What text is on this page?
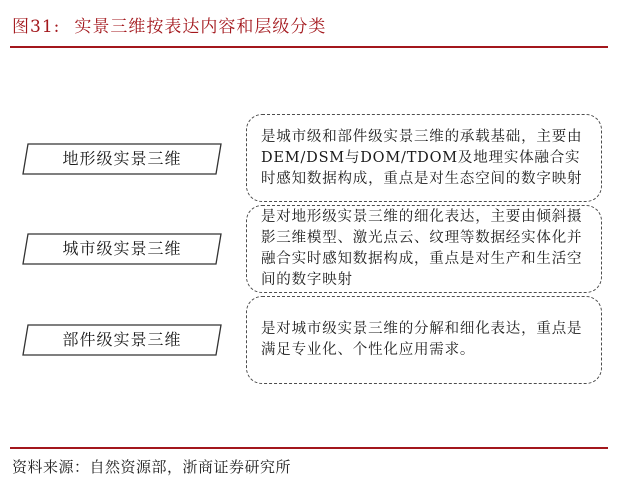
图31: 实景三维按表达内容和层级分类
地形级实景三维
城市级实景三维
部件级实景三维
是城市级和部件级实景三维的承载基础，主要由DEM/DSM与DOM/TDOM及地理实体融合实时感知数据构成，重点是对生态空间的数字映射
是对地形级实景三维的细化表达，主要由倾斜摄影三维模型、激光点云、纹理等数据经实体化并融合实时感知数据构成，重点是对生产和生活空间的数字映射
是对城市级实景三维的分解和细化表达，重点是满足专业化、个性化应用需求。
资料来源：自然资源部，浙商证券研究所
